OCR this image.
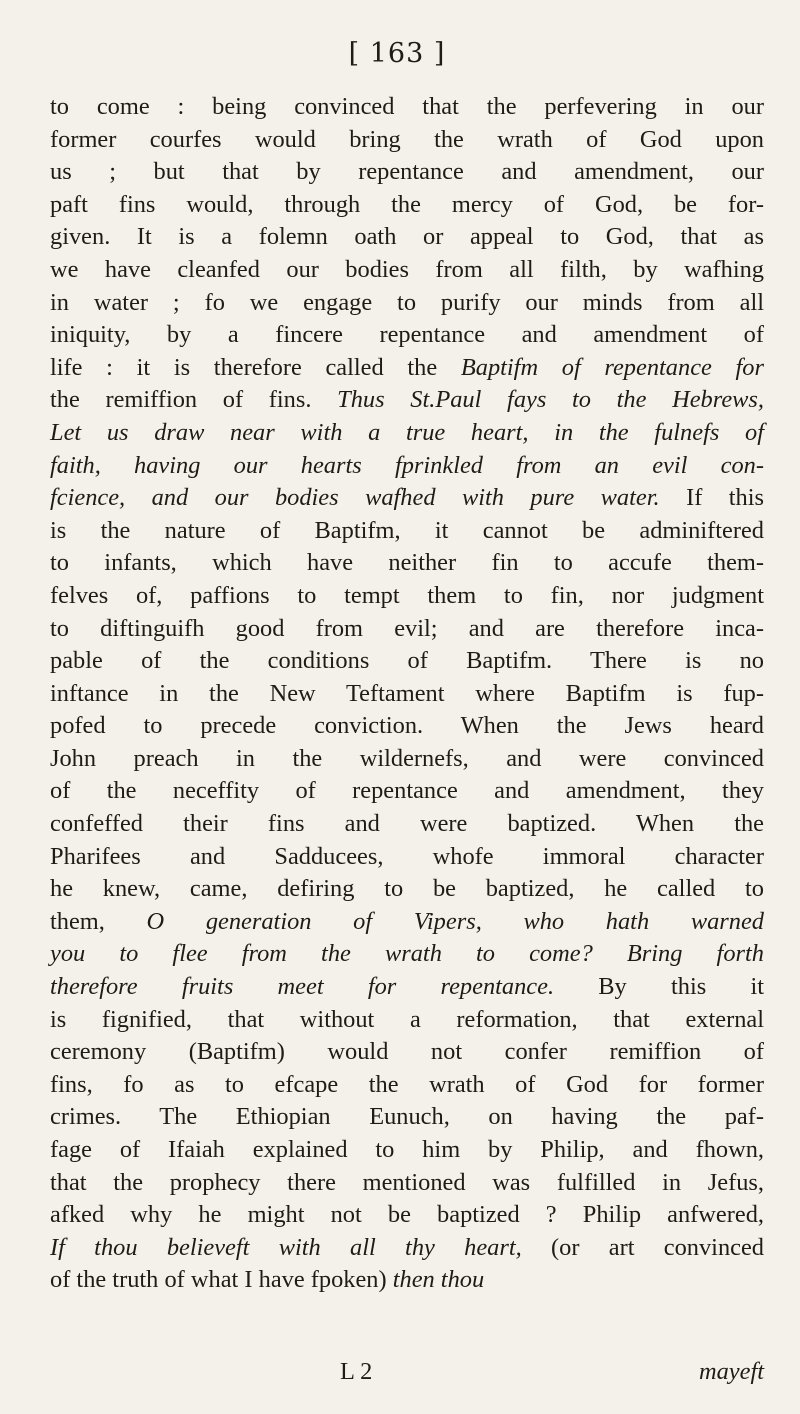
[ 163 ]

to come : being convinced that the perfevering in our
former courfes would bring the wrath of God upon
us ; but that by repentance and amendment, our
paft fins would, through the mercy of God, be for-
given. It is a folemn oath or appeal to God, that as
we have cleanfed our bodies from all filth, by wafhing
in water ; fo we engage to purify our minds from all
iniquity, by a fincere repentance and amendment of
life : it is therefore called the Baptifm of repentance for
the remiffion of fins. Thus St.Paul fays to the Hebrews,
Let us draw near with a true heart, in the fulnefs of
faith, having our hearts fprinkled from an evil con-
fcience, and our bodies wafhed with pure water. If this
is the nature of Baptifm, it cannot be adminiftered
to infants, which have neither fin to accufe them-
felves of, paffions to tempt them to fin, nor judgment
to diftinguifh good from evil; and are therefore inca-
pable of the conditions of Baptifm. There is no
inftance in the New Teftament where Baptifm is fup-
pofed to precede conviction. When the Jews heard
John preach in the wildernefs, and were convinced
of the neceffity of repentance and amendment, they
confeffed their fins and were baptized. When the
Pharifees and Sadducees, whofe immoral character
he knew, came, defiring to be baptized, he called to
them, O generation of Vipers, who hath warned
you to flee from the wrath to come? Bring forth
therefore fruits meet for repentance. By this it
is fignified, that without a reformation, that external
ceremony (Baptifm) would not confer remiffion of
fins, fo as to efcape the wrath of God for former
crimes. The Ethiopian Eunuch, on having the paf-
fage of Ifaiah explained to him by Philip, and fhown,
that the prophecy there mentioned was fulfilled in Jefus,
afked why he might not be baptized ? Philip anfwered,
If thou believeft with all thy heart, (or art convinced
of the truth of what I have fpoken) then thou

L 2	mayeft
